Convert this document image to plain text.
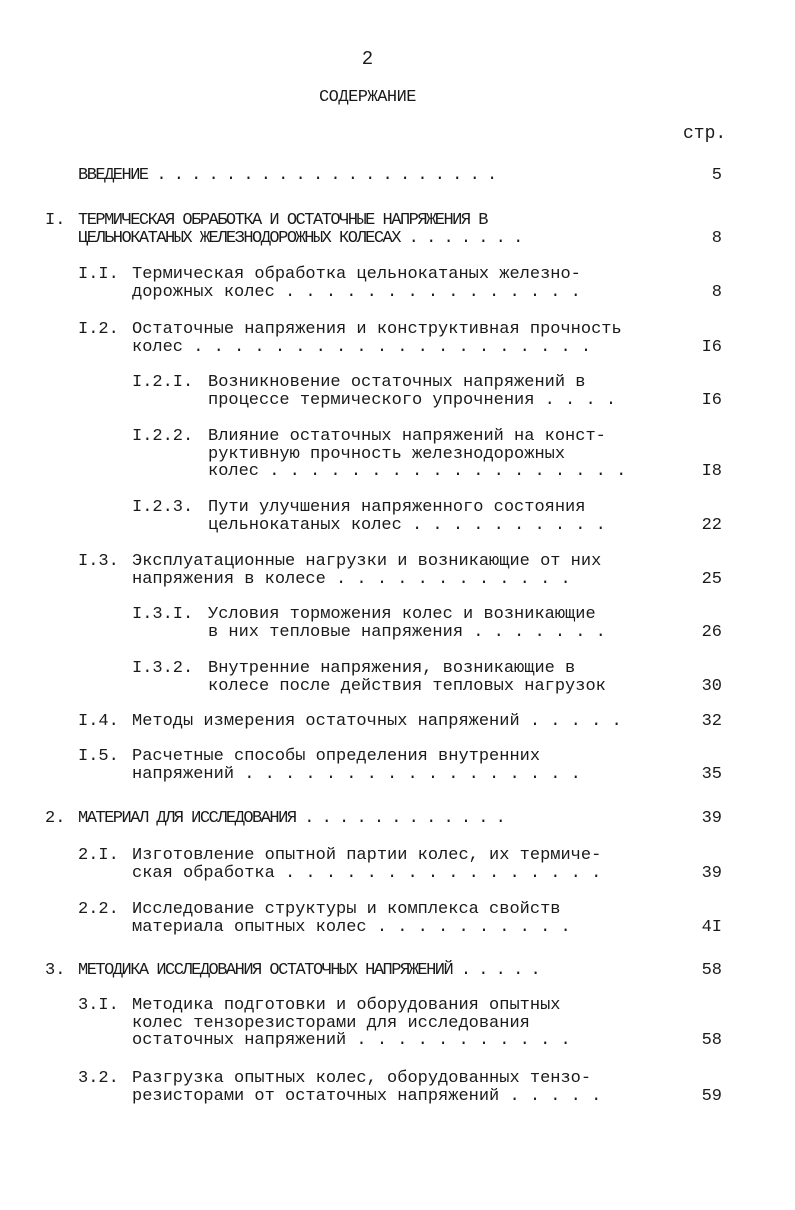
2
СОДЕРЖАНИЕ
стр.
ВВЕДЕНИЕ . . . . . . . . . . . . . . . . . . . .	5
I. ТЕРМИЧЕСКАЯ ОБРАБОТКА И ОСТАТОЧНЫЕ НАПРЯЖЕНИЯ В
ЦЕЛЬНОКАТАНЫХ ЖЕЛЕЗНОДОРОЖНЫХ КОЛЕСАХ . . . . . . .	8
I.I. Термическая обработка цельнокатаных железно-
дорожных колес . . . . . . . . . . . . . . .	8
I.2. Остаточные напряжения и конструктивная прочность
колес . . . . . . . . . . . . . . . . . . . .	I6
I.2.I. Возникновение остаточных напряжений в
процессе термического упрочнения . . . .	I6
I.2.2. Влияние остаточных напряжений на конст-
руктивную прочность железнодорожных
колес . . . . . . . . . . . . . . . . . .	I8
I.2.3. Пути улучшения напряженного состояния
цельнокатаных колес . . . . . . . . . .	22
I.3. Эксплуатационные нагрузки и возникающие от них
напряжения в колесе . . . . . . . . . . . .	25
I.3.I. Условия торможения колес и возникающие
в них тепловые напряжения . . . . . . .	26
I.3.2. Внутренние напряжения, возникающие в
колесе после действия тепловых нагрузок	30
I.4. Методы измерения остаточных напряжений . . . . .	32
I.5. Расчетные способы определения внутренних
напряжений . . . . . . . . . . . . . . . . .	35
2. МАТЕРИАЛ ДЛЯ ИССЛЕДОВАНИЯ . . . . . . . . . . . .	39
2.I. Изготовление опытной партии колес, их термиче-
ская обработка . . . . . . . . . . . . . . . .	39
2.2. Исследование структуры и комплекса свойств
материала опытных колес . . . . . . . . . .	4I
3. МЕТОДИКА ИССЛЕДОВАНИЯ ОСТАТОЧНЫХ НАПРЯЖЕНИЙ . . . . .	58
3.I. Методика подготовки и оборудования опытных
колес тензорезисторами для исследования
остаточных напряжений . . . . . . . . . . .	58
3.2. Разгрузка опытных колес, оборудованных тензо-
резисторами от остаточных напряжений . . . . .	59
